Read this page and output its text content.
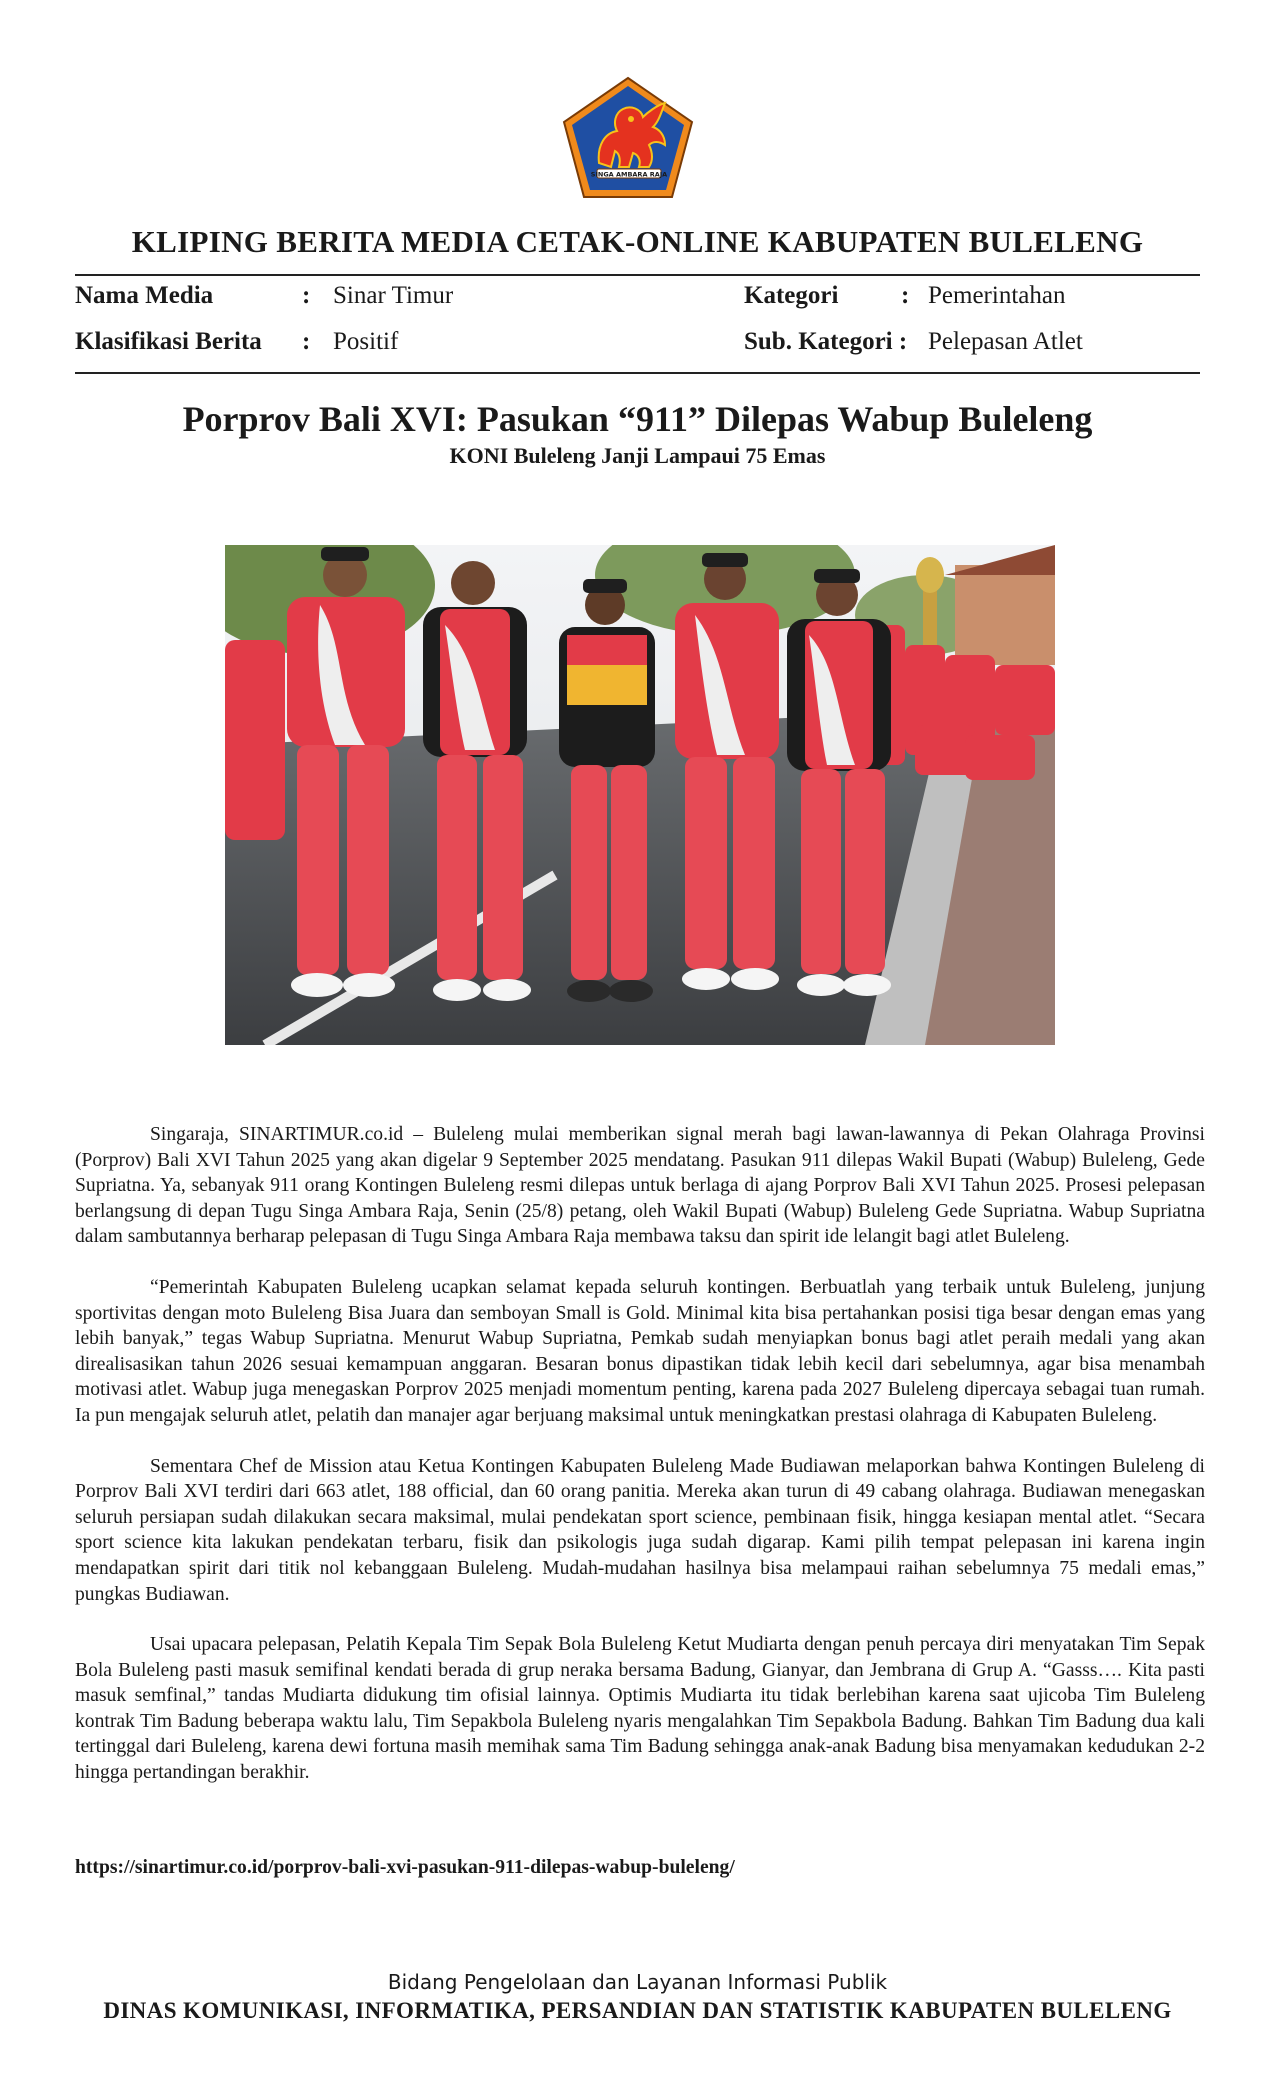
SINGA AMBARA RAJA
KLIPING BERITA MEDIA CETAK-ONLINE KABUPATEN BULELENG
Nama Media	: Sinar Timur	Kategori	: Pemerintahan
Klasifikasi Berita : Positif	Sub. Kategori : Pelepasan Atlet
Porprov Bali XVI: Pasukan “911” Dilepas Wabup Buleleng
KONI Buleleng Janji Lampaui 75 Emas

Singaraja, SINARTIMUR.co.id – Buleleng mulai memberikan signal merah bagi lawan-lawannya di Pekan Olahraga Provinsi (Porprov) Bali XVI Tahun 2025 yang akan digelar 9 September 2025 mendatang. Pasukan 911 dilepas Wakil Bupati (Wabup) Buleleng, Gede Supriatna. Ya, sebanyak 911 orang Kontingen Buleleng resmi dilepas untuk berlaga di ajang Porprov Bali XVI Tahun 2025. Prosesi pelepasan berlangsung di depan Tugu Singa Ambara Raja, Senin (25/8) petang, oleh Wakil Bupati (Wabup) Buleleng Gede Supriatna. Wabup Supriatna dalam sambutannya berharap pelepasan di Tugu Singa Ambara Raja membawa taksu dan spirit ide lelangit bagi atlet Buleleng.

“Pemerintah Kabupaten Buleleng ucapkan selamat kepada seluruh kontingen. Berbuatlah yang terbaik untuk Buleleng, junjung sportivitas dengan moto Buleleng Bisa Juara dan semboyan Small is Gold. Minimal kita bisa pertahankan posisi tiga besar dengan emas yang lebih banyak,” tegas Wabup Supriatna. Menurut Wabup Supriatna, Pemkab sudah menyiapkan bonus bagi atlet peraih medali yang akan direalisasikan tahun 2026 sesuai kemampuan anggaran. Besaran bonus dipastikan tidak lebih kecil dari sebelumnya, agar bisa menambah motivasi atlet. Wabup juga menegaskan Porprov 2025 menjadi momentum penting, karena pada 2027 Buleleng dipercaya sebagai tuan rumah. Ia pun mengajak seluruh atlet, pelatih dan manajer agar berjuang maksimal untuk meningkatkan prestasi olahraga di Kabupaten Buleleng.

Sementara Chef de Mission atau Ketua Kontingen Kabupaten Buleleng Made Budiawan melaporkan bahwa Kontingen Buleleng di Porprov Bali XVI terdiri dari 663 atlet, 188 official, dan 60 orang panitia. Mereka akan turun di 49 cabang olahraga. Budiawan menegaskan seluruh persiapan sudah dilakukan secara maksimal, mulai pendekatan sport science, pembinaan fisik, hingga kesiapan mental atlet. “Secara sport science kita lakukan pendekatan terbaru, fisik dan psikologis juga sudah digarap. Kami pilih tempat pelepasan ini karena ingin mendapatkan spirit dari titik nol kebanggaan Buleleng. Mudah-mudahan hasilnya bisa melampaui raihan sebelumnya 75 medali emas,” pungkas Budiawan.

Usai upacara pelepasan, Pelatih Kepala Tim Sepak Bola Buleleng Ketut Mudiarta dengan penuh percaya diri menyatakan Tim Sepak Bola Buleleng pasti masuk semifinal kendati berada di grup neraka bersama Badung, Gianyar, dan Jembrana di Grup A. “Gasss…. Kita pasti masuk semfinal,” tandas Mudiarta didukung tim ofisial lainnya. Optimis Mudiarta itu tidak berlebihan karena saat ujicoba Tim Buleleng kontrak Tim Badung beberapa waktu lalu, Tim Sepakbola Buleleng nyaris mengalahkan Tim Sepakbola Badung. Bahkan Tim Badung dua kali tertinggal dari Buleleng, karena dewi fortuna masih memihak sama Tim Badung sehingga anak-anak Badung bisa menyamakan kedudukan 2-2 hingga pertandingan berakhir.

https://sinartimur.co.id/porprov-bali-xvi-pasukan-911-dilepas-wabup-buleleng/
Bidang Pengelolaan dan Layanan Informasi Publik
DINAS KOMUNIKASI, INFORMATIKA, PERSANDIAN DAN STATISTIK KABUPATEN BULELENG
